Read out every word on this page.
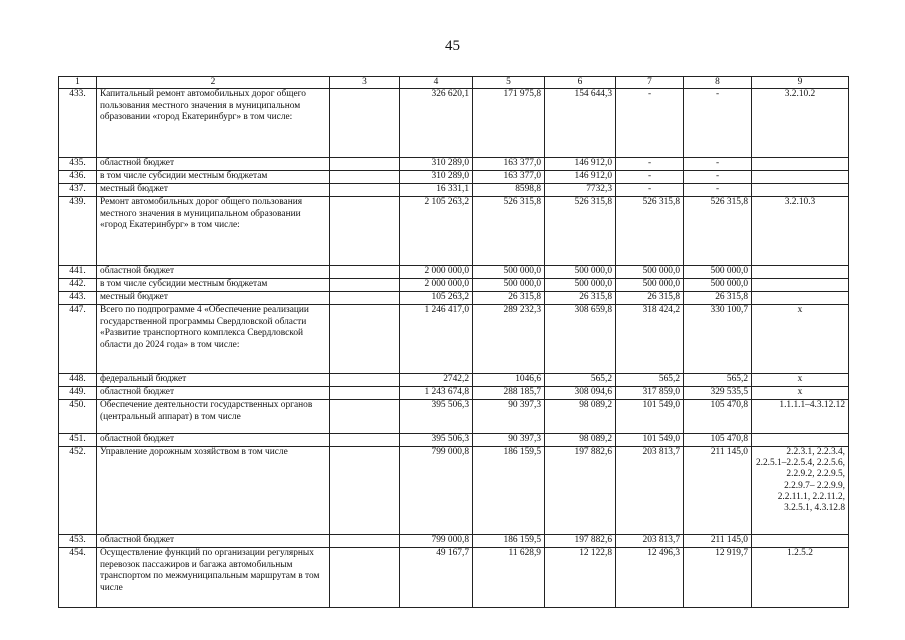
45
1	2	3	4	5	6	7	8	9
433.	Капитальный ремонт автомобильных дорог общего пользования местного значения в муниципальном образовании «город Екатеринбург» в том числе:		326 620,1	171 975,8	154 644,3	-	-	3.2.10.2
435.	областной бюджет		310 289,0	163 377,0	146 912,0	-	-	
436.	в том числе субсидии местным бюджетам		310 289,0	163 377,0	146 912,0	-	-	
437.	местный бюджет		16 331,1	8598,8	7732,3	-	-	
439.	Ремонт автомобильных дорог общего пользования местного значения в муниципальном образовании «город Екатеринбург» в том числе:		2 105 263,2	526 315,8	526 315,8	526 315,8	526 315,8	3.2.10.3
441.	областной бюджет		2 000 000,0	500 000,0	500 000,0	500 000,0	500 000,0	
442.	в том числе субсидии местным бюджетам		2 000 000,0	500 000,0	500 000,0	500 000,0	500 000,0	
443.	местный бюджет		105 263,2	26 315,8	26 315,8	26 315,8	26 315,8	
447.	Всего по подпрограмме 4 «Обеспечение реализации государственной программы Свердловской области «Развитие транспортного комплекса Свердловской области до 2024 года» в том числе:		1 246 417,0	289 232,3	308 659,8	318 424,2	330 100,7	x
448.	федеральный бюджет		2742,2	1046,6	565,2	565,2	565,2	x
449.	областной бюджет		1 243 674,8	288 185,7	308 094,6	317 859,0	329 535,5	x
450.	Обеспечение деятельности государственных органов (центральный аппарат) в том числе		395 506,3	90 397,3	98 089,2	101 549,0	105 470,8	1.1.1.1–4.3.12.12
451.	областной бюджет		395 506,3	90 397,3	98 089,2	101 549,0	105 470,8	
452.	Управление дорожным хозяйством в том числе		799 000,8	186 159,5	197 882,6	203 813,7	211 145,0	2.2.3.1, 2.2.3.4, 2.2.5.1–2.2.5.4, 2.2.5.6, 2.2.9.2, 2.2.9.5, 2.2.9.7– 2.2.9.9, 2.2.11.1, 2.2.11.2, 3.2.5.1, 4.3.12.8
453.	областной бюджет		799 000,8	186 159,5	197 882,6	203 813,7	211 145,0	
454.	Осуществление функций по организации регулярных перевозок пассажиров и багажа автомобильным транспортом по межмуниципальным маршрутам в том числе		49 167,7	11 628,9	12 122,8	12 496,3	12 919,7	1.2.5.2
